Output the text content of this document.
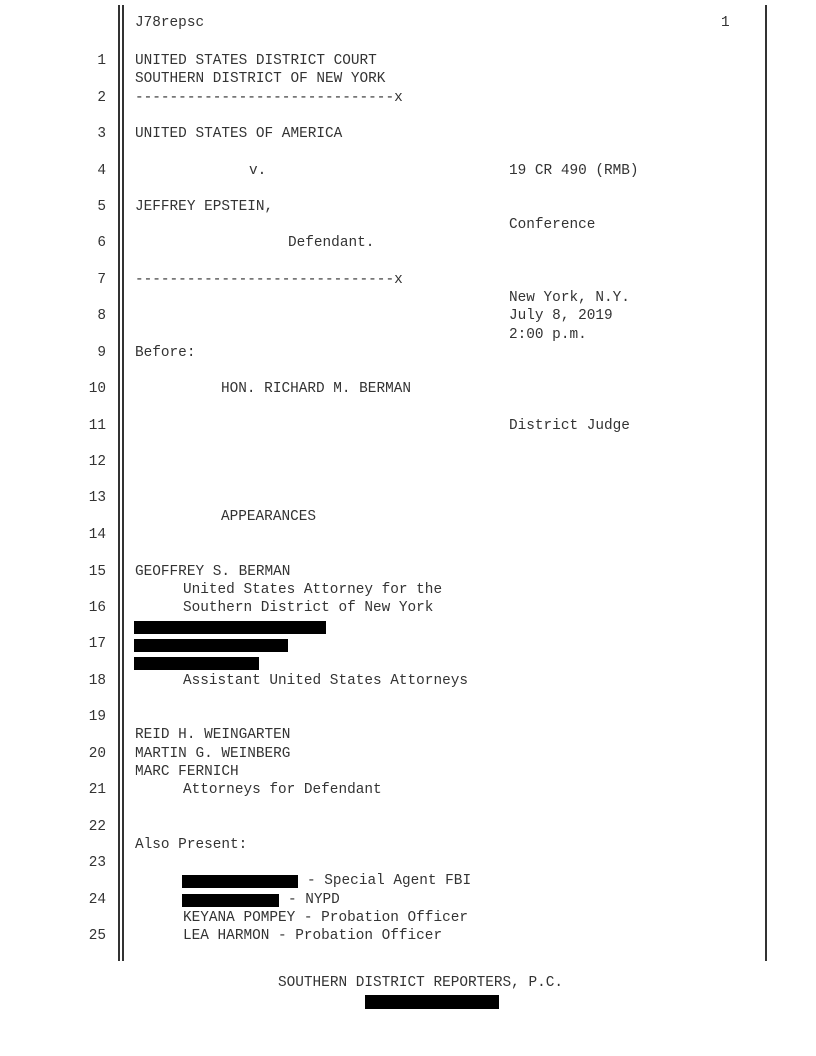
J78repsc	1
1
2
3
4
5
6
7
8
9
10
11
12
13
14
15
16
17
18
19
20
21
22
23
24
25
UNITED STATES DISTRICT COURT
SOUTHERN DISTRICT OF NEW YORK
------------------------------x
UNITED STATES OF AMERICA
v.	19 CR 490 (RMB)
JEFFREY EPSTEIN,
Conference
Defendant.
------------------------------x
New York, N.Y.
July 8, 2019
2:00 p.m.
Before:
HON. RICHARD M. BERMAN
District Judge
APPEARANCES
GEOFFREY S. BERMAN
United States Attorney for the
Southern District of New York
Assistant United States Attorneys
REID H. WEINGARTEN
MARTIN G. WEINBERG
MARC FERNICH
Attorneys for Defendant
Also Present:
- Special Agent FBI
- NYPD
KEYANA POMPEY - Probation Officer
LEA HARMON - Probation Officer
SOUTHERN DISTRICT REPORTERS, P.C.
